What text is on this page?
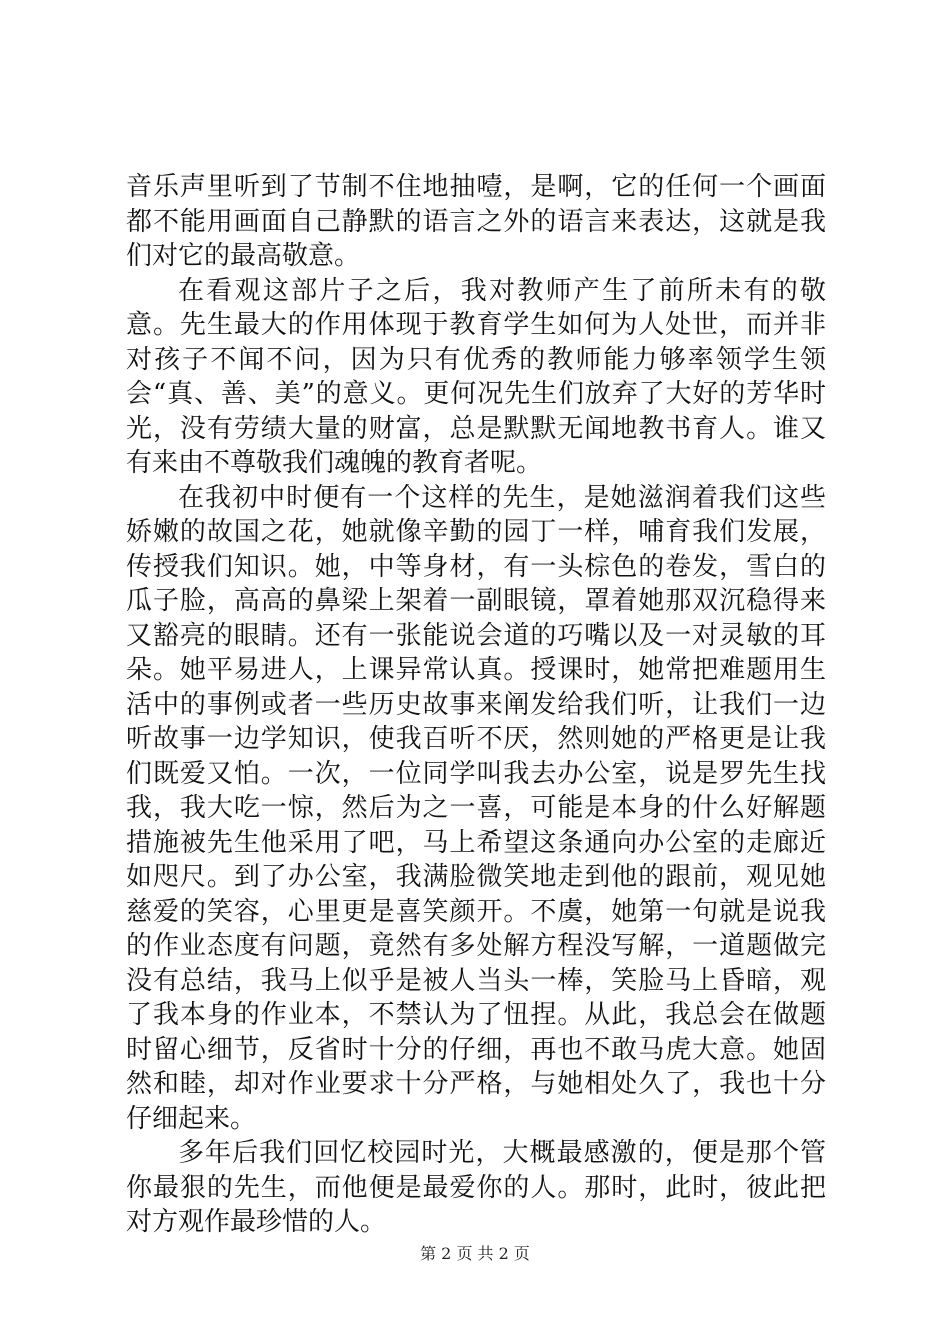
音乐声里听到了节制不住地抽噎，是啊，它的任何一个画面都不能用画面自己静默的语言之外的语言来表达，这就是我们对它的最高敬意。

在看观这部片子之后，我对教师产生了前所未有的敬意。先生最大的作用体现于教育学生如何为人处世，而并非对孩子不闻不问，因为只有优秀的教师能力够率领学生领会“真、善、美”的意义。更何况先生们放弃了大好的芳华时光，没有劳绩大量的财富，总是默默无闻地教书育人。谁又有来由不尊敬我们魂魄的教育者呢。

在我初中时便有一个这样的先生，是她滋润着我们这些娇嫩的故国之花，她就像辛勤的园丁一样，哺育我们发展，传授我们知识。她，中等身材，有一头棕色的卷发，雪白的瓜子脸，高高的鼻梁上架着一副眼镜，罩着她那双沉稳得来又豁亮的眼睛。还有一张能说会道的巧嘴以及一对灵敏的耳朵。她平易进人，上课异常认真。授课时，她常把难题用生活中的事例或者一些历史故事来阐发给我们听，让我们一边听故事一边学知识，使我百听不厌，然则她的严格更是让我们既爱又怕。一次，一位同学叫我去办公室，说是罗先生找我，我大吃一惊，然后为之一喜，可能是本身的什么好解题措施被先生他采用了吧，马上希望这条通向办公室的走廊近如咫尺。到了办公室，我满脸微笑地走到他的跟前，观见她慈爱的笑容，心里更是喜笑颜开。不虞，她第一句就是说我的作业态度有问题，竟然有多处解方程没写解，一道题做完没有总结，我马上似乎是被人当头一棒，笑脸马上昏暗，观了我本身的作业本，不禁认为了忸捏。从此，我总会在做题时留心细节，反省时十分的仔细，再也不敢马虎大意。她固然和睦，却对作业要求十分严格，与她相处久了，我也十分仔细起来。

多年后我们回忆校园时光，大概最感激的，便是那个管你最狠的先生，而他便是最爱你的人。那时，此时，彼此把对方观作最珍惜的人。

第 2 页 共 2 页
